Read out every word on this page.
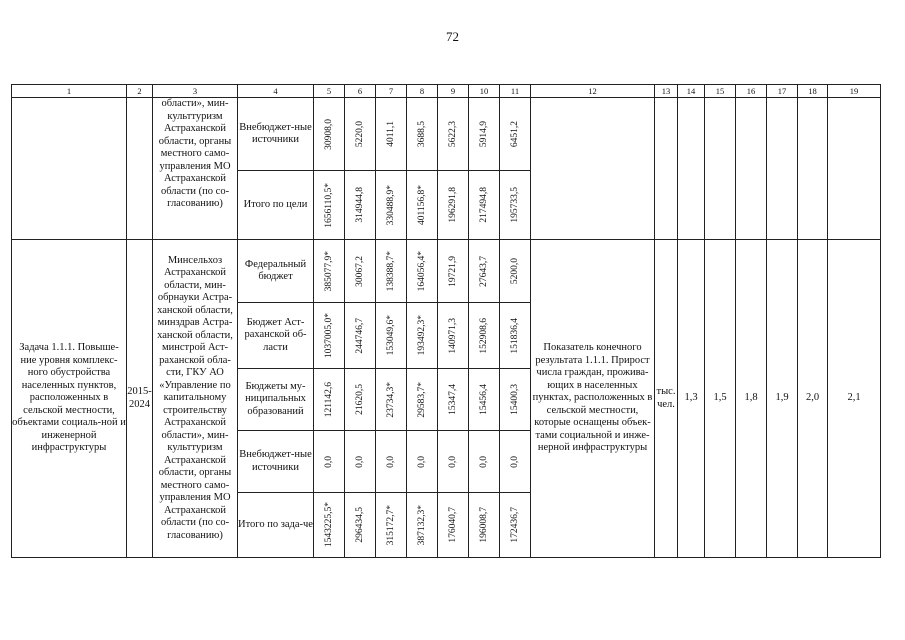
72
1	2	3	4	5	6	7	8	9	10	11	12	13	14	15	16	17	18	19
		области», мин-культтуризм Астраханской области, органы местного само-управления МО Астраханской области (по со-гласованию)	Внебюджет-ные источники	30908,0	5220,0	4011,1	3688,5	5622,3	5914,9	6451,2								

			Итого по цели	1656110,5*	314944,8	330488,9*	401156,8*	196291,8	217494,8	195733,5								

Задача 1.1.1. Повыше-ние уровня комплекс-ного обустройства населенных пунктов, расположенных в сельской местности, объектами социаль-ной и инженерной инфраструктуры	2015-2024	Минсельхоз Астраханской области, мин-обрнауки Астра-ханской области, минздрав Астра-ханской области, минстрой Аст-раханской обла-сти, ГКУ АО «Управление по капитальному строительству Астраханской области», мин-культтуризм Астраханской области, органы местного само-управления МО Астраханской области (по со-гласованию)	Федеральный бюджет	385077,9*	30067,2	138388,7*	164056,4*	19721,9	27643,7	5200,0	Показатель конечного результата 1.1.1. Прирост числа граждан, прожива-ющих в населенных пунктах, расположенных в сельской местности, которые оснащены объек-тами социальной и инже-нерной инфраструктуры	тыс. чел.	1,3	1,5	1,8	1,9	2,0	2,1
			Бюджет Аст-раханской об-ласти	1037005,0*	244746,7	153049,6*	193492,3*	140971,3	152908,6	151836,4								

			Бюджеты му-ниципальных образований	121142,6	21620,5	23734,3*	29583,7*	15347,4	15456,4	15400,3								

			Внебюджет-ные источники	0,0	0,0	0,0	0,0	0,0	0,0	0,0								

			Итого по зада-че	1543225,5*	296434,5	315172,7*	387132,3*	176040,7	196008,7	172436,7								
